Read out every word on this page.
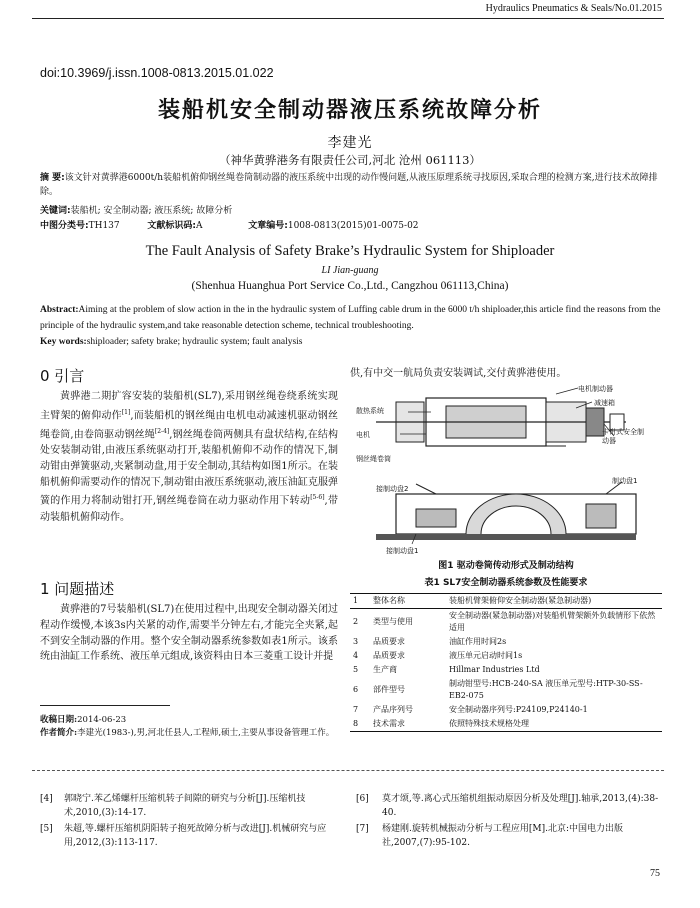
Hydraulics Pneumatics & Seals/No.01.2015
doi:10.3969/j.issn.1008-0813.2015.01.022
装船机安全制动器液压系统故障分析
李建光
（神华黄骅港务有限责任公司,河北 沧州 061113）
摘 要:该文针对黄骅港6000t/h装船机俯仰钢丝绳卷筒制动器的液压系统中出现的动作慢问题,从液压原理系统寻找原因,采取合理的检测方案,进行技术故障排除。
关键词:装船机; 安全制动器; 液压系统; 故障分析
中图分类号:TH137	文献标识码:A	文章编号:1008-0813(2015)01-0075-02
The Fault Analysis of Safety Brake’s Hydraulic System for Shiploader
LI Jian-guang
(Shenhua Huanghua Port Service Co.,Ltd., Cangzhou 061113,China)
Abstract:Aiming at the problem of slow action in the in the hydraulic system of Luffing cable drum in the 6000 t/h shiploader,this article find the reasons from the principle of the hydraulic system,and take reasonable detection scheme, technical troubleshooting.
Key words:shiploader; safety brake; hydraulic system; fault analysis
0 引言
黄骅港二期扩容安装的装船机(SL7),采用钢丝绳卷绕系统实现主臂架的俯仰动作[1],而装船机的钢丝绳由电机电动减速机驱动钢丝绳卷筒,由卷筒驱动钢丝绳[2-4],钢丝绳卷筒两侧具有盘状结构,在结构处安装制动钳,由液压系统驱动打开,装船机俯仰不动作的情况下,制动钳由弹簧驱动,夹紧制动盘,用于安全制动,其结构如图1所示。在装船机俯仰需要动作的情况下,制动钳由液压系统驱动,液压油缸克服弹簧的作用力将制动钳打开,钢丝绳卷筒在动力驱动作用下转动[5-6],带动装船机俯仰动作。
1 问题描述
黄骅港的7号装船机(SL7)在使用过程中,出现安全制动器关闭过程动作缓慢,本该3s内关紧的动作,需要半分钟左右,才能完全夹紧,起不到安全制动器的作用。整个安全制动器系统参数如表1所示。该系统由油缸工作系统、液压单元组成,该资料由日本三菱重工设计并提
收稿日期:2014-06-23
作者简介:李建光(1983-),男,河北任县人,工程师,硕士,主要从事设备管理工作。
供,有中交一航局负责安装调试,交付黄骅港使用。
电机制动器
散热系统
减速箱
电机	卡钳式安全制动器
钢丝绳卷筒
制动盘1
接制动盘2
接制动盘1
图1 驱动卷筒传动形式及制动结构
表1 SL7安全制动器系统参数及性能要求
1	整体名称	装船机臂架俯仰安全制动器(紧急制动器)
2	类型与使用	安全制动器(紧急制动器)对装船机臂架额外负载情形下依然适用
3	品质要求	油缸作用时间2s
4	品质要求	液压单元启动时间1s
5	生产商	Hillmar Industries Ltd
6	部件型号	制动钳型号:HCB-240-SA 液压单元型号:HTP-30-SS-EB2-075
7	产品序列号	安全制动器序列号:P24109,P24140-1
8	技术需求	依照特殊技术规格处理
[4]	郭晓宁.苯乙烯螺杆压缩机转子间隙的研究与分析[J].压缩机技术,2010,(3):14-17.
[5]	朱超,等.螺杆压缩机阴阳转子抱死故障分析与改进[J].机械研究与应用,2012,(3):113-117.
[6]	莫才颂,等.离心式压缩机组振动原因分析及处理[J].轴承,2013,(4):38-40.
[7]	杨建刚.旋转机械振动分析与工程应用[M].北京:中国电力出版社,2007,(7):95-102.
75
